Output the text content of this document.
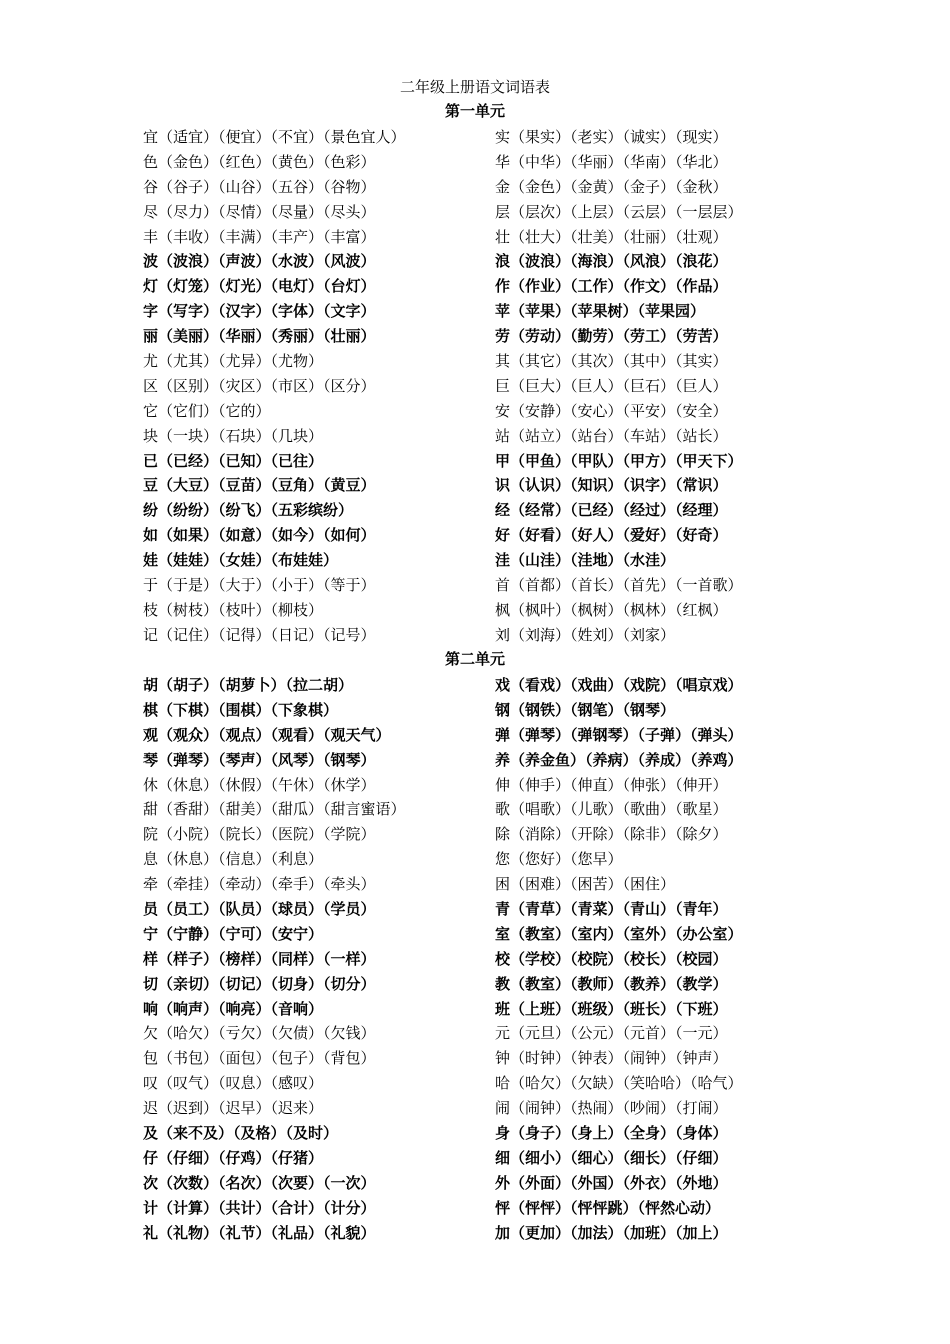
二年级上册语文词语表
第一单元
宜（适宜）（便宜）（不宜）（景色宜人）	实（果实）（老实）（诚实）（现实）
色（金色）（红色）（黄色）（色彩）	华（中华）（华丽）（华南）（华北）
谷（谷子）（山谷）（五谷）（谷物）	金（金色）（金黄）（金子）（金秋）
尽（尽力）（尽情）（尽量）（尽头）	层（层次）（上层）（云层）（一层层）
丰（丰收）（丰满）（丰产）（丰富）	壮（壮大）（壮美）（壮丽）（壮观）
波（波浪）（声波）（水波）（风波）	浪（波浪）（海浪）（风浪）（浪花）
灯（灯笼）（灯光）（电灯）（台灯）	作（作业）（工作）（作文）（作品）
字（写字）（汉字）（字体）（文字）	苹（苹果）（苹果树）（苹果园）
丽（美丽）（华丽）（秀丽）（壮丽）	劳（劳动）（勤劳）（劳工）（劳苦）
尤（尤其）（尤异）（尤物）	其（其它）（其次）（其中）（其实）
区（区别）（灾区）（市区）（区分）	巨（巨大）（巨人）（巨石）（巨人）
它（它们）（它的）	安（安静）（安心）（平安）（安全）
块（一块）（石块）（几块）	站（站立）（站台）（车站）（站长）
已（已经）（已知）（已往）	甲（甲鱼）（甲队）（甲方）（甲天下）
豆（大豆）（豆苗）（豆角）（黄豆）	识（认识）（知识）（识字）（常识）
纷（纷纷）（纷飞）（五彩缤纷）	经（经常）（已经）（经过）（经理）
如（如果）（如意）（如今）（如何）	好（好看）（好人）（爱好）（好奇）
娃（娃娃）（女娃）（布娃娃）	洼（山洼）（洼地）（水洼）
于（于是）（大于）（小于）（等于）	首（首都）（首长）（首先）（一首歌）
枝（树枝）（枝叶）（柳枝）	枫（枫叶）（枫树）（枫林）（红枫）
记（记住）（记得）（日记）（记号）	刘（刘海）（姓刘）（刘家）
第二单元
胡（胡子）（胡萝卜）（拉二胡）	戏（看戏）（戏曲）（戏院）（唱京戏）
棋（下棋）（围棋）（下象棋）	钢（钢铁）（钢笔）（钢琴）
观（观众）（观点）（观看）（观天气）	弹（弹琴）（弹钢琴）（子弹）（弹头）
琴（弹琴）（琴声）（风琴）（钢琴）	养（养金鱼）（养病）（养成）（养鸡）
休（休息）（休假）（午休）（休学）	伸（伸手）（伸直）（伸张）（伸开）
甜（香甜）（甜美）（甜瓜）（甜言蜜语）	歌（唱歌）（儿歌）（歌曲）（歌星）
院（小院）（院长）（医院）（学院）	除（消除）（开除）（除非）（除夕）
息（休息）（信息）（利息）	您（您好）（您早）
牵（牵挂）（牵动）（牵手）（牵头）	困（困难）（困苦）（困住）
员（员工）（队员）（球员）（学员）	青（青草）（青菜）（青山）（青年）
宁（宁静）（宁可）（安宁）	室（教室）（室内）（室外）（办公室）
样（样子）（榜样）（同样）（一样）	校（学校）（校院）（校长）（校园）
切（亲切）（切记）（切身）（切分）	教（教室）（教师）（教养）（教学）
响（响声）（响亮）（音响）	班（上班）（班级）（班长）（下班）
欠（哈欠）（亏欠）（欠债）（欠钱）	元（元旦）（公元）（元首）（一元）
包（书包）（面包）（包子）（背包）	钟（时钟）（钟表）（闹钟）（钟声）
叹（叹气）（叹息）（感叹）	哈（哈欠）（欠缺）（笑哈哈）（哈气）
迟（迟到）（迟早）（迟来）	闹（闹钟）（热闹）（吵闹）（打闹）
及（来不及）（及格）（及时）	身（身子）（身上）（全身）（身体）
仔（仔细）（仔鸡）（仔猪）	细（细小）（细心）（细长）（仔细）
次（次数）（名次）（次要）（一次）	外（外面）（外国）（外衣）（外地）
计（计算）（共计）（合计）（计分）	怦（怦怦）（怦怦跳）（怦然心动）
礼（礼物）（礼节）（礼品）（礼貌）	加（更加）（加法）（加班）（加上）
